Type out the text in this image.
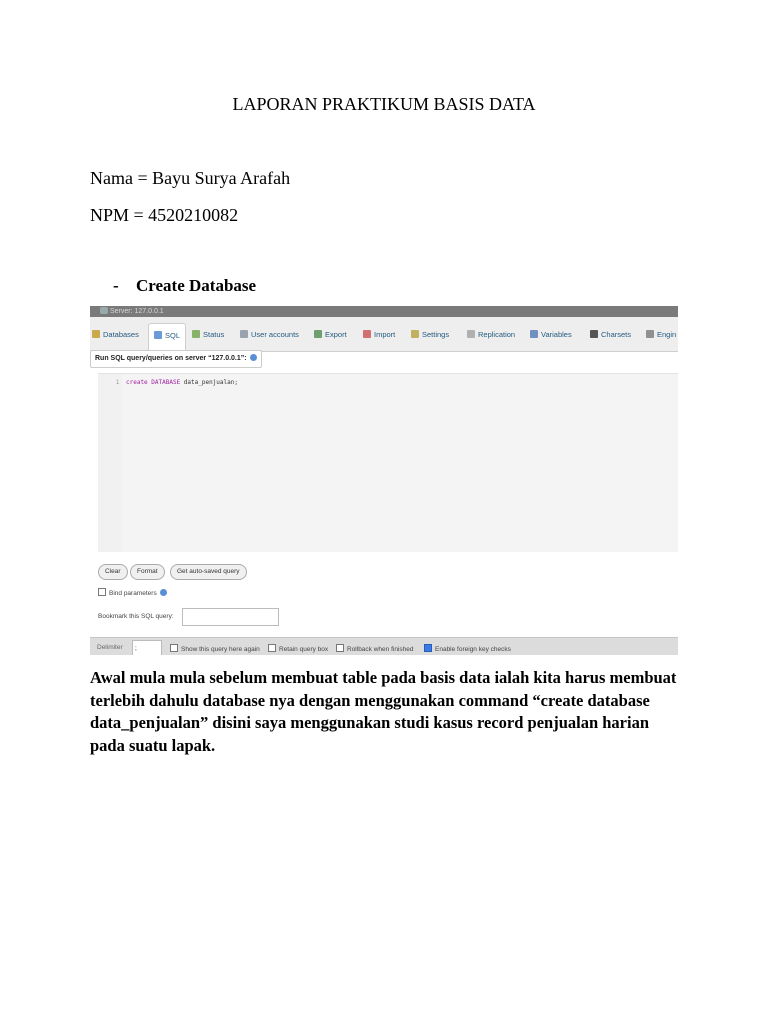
LAPORAN PRAKTIKUM BASIS DATA
Nama = Bayu Surya Arafah
NPM = 4520210082
- Create Database
Server: 127.0.0.1
Databases	SQL	Status	User accounts	Export	Import	Settings	Replication	Variables	Charsets	Engin
Run SQL query/queries on server “127.0.0.1”:
1 create DATABASE data_penjualan;
Clear	Format	Get auto-saved query
Bind parameters
Bookmark this SQL query:
Delimiter	;	Show this query here again	Retain query box	Rollback when finished	Enable foreign key checks
Awal mula mula sebelum membuat table pada basis data ialah kita harus membuat terlebih dahulu database nya dengan menggunakan command “create database data_penjualan” disini saya menggunakan studi kasus record penjualan harian pada suatu lapak.
